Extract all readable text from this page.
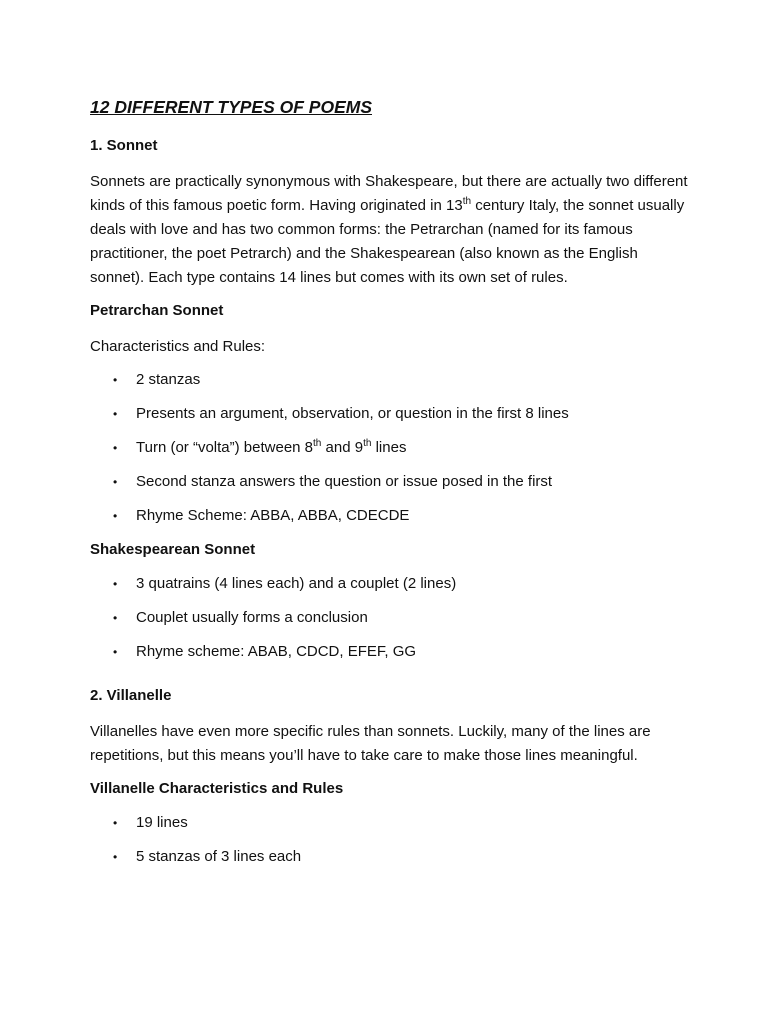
12 DIFFERENT TYPES OF POEMS
1. Sonnet

Sonnets are practically synonymous with Shakespeare, but there are actually two different kinds of this famous poetic form. Having originated in 13th century Italy, the sonnet usually deals with love and has two common forms: the Petrarchan (named for its famous practitioner, the poet Petrarch) and the Shakespearean (also known as the English sonnet). Each type contains 14 lines but comes with its own set of rules.

Petrarchan Sonnet

Characteristics and Rules:

• 2 stanzas
• Presents an argument, observation, or question in the first 8 lines
• Turn (or “volta”) between 8th and 9th lines
• Second stanza answers the question or issue posed in the first
• Rhyme Scheme: ABBA, ABBA, CDECDE
Shakespearean Sonnet
• 3 quatrains (4 lines each) and a couplet (2 lines)
• Couplet usually forms a conclusion
• Rhyme scheme: ABAB, CDCD, EFEF, GG
2. Villanelle

Villanelles have even more specific rules than sonnets. Luckily, many of the lines are repetitions, but this means you’ll have to take care to make those lines meaningful.

Villanelle Characteristics and Rules
• 19 lines
• 5 stanzas of 3 lines each
